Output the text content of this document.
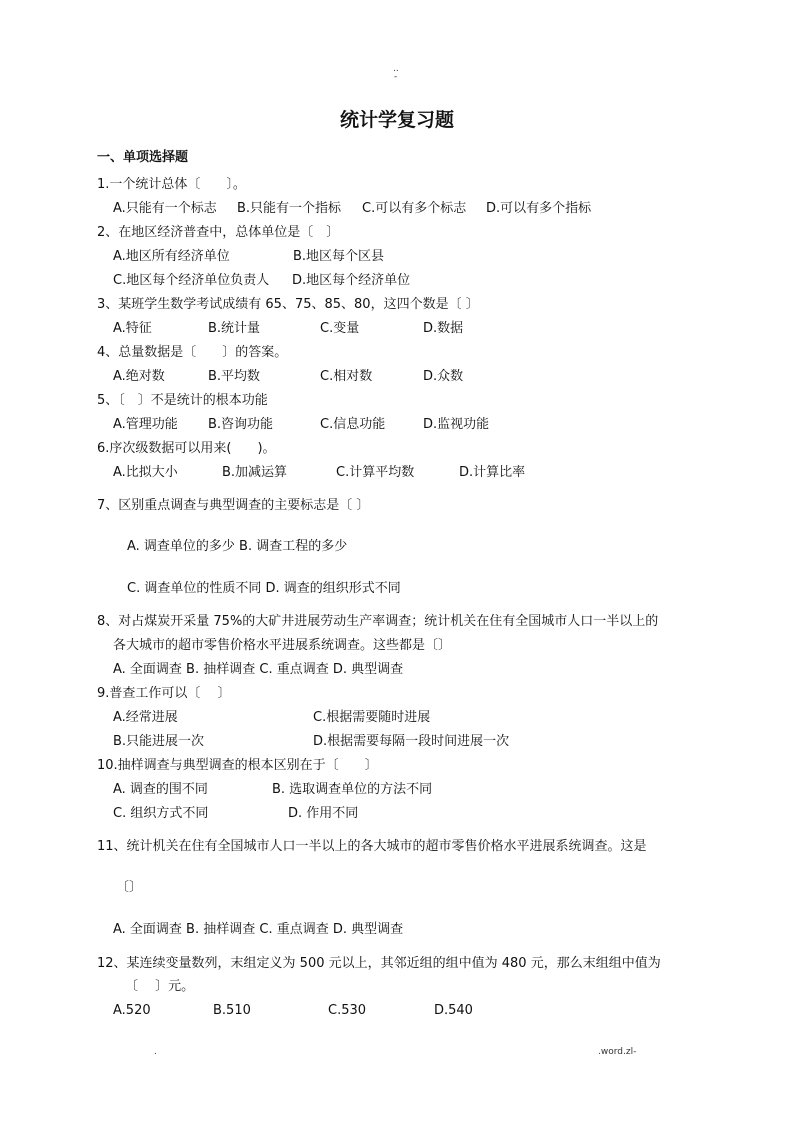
..
-
统计学复习题
一、单项选择题
1.一个统计总体〔　　〕。
A.只能有一个标志 B.只能有一个指标 C.可以有多个标志 D.可以有多个指标
2、在地区经济普查中，总体单位是〔　〕
A.地区所有经济单位	B.地区每个区县
C.地区每个经济单位负责人 D.地区每个经济单位
3、某班学生数学考试成绩有 65、75、85、80，这四个数是〔 〕
A.特征	B.统计量	C.变量	D.数据
4、总量数据是〔　　〕的答案。
A.绝对数	B.平均数	C.相对数	D.众数
5、〔　〕不是统计的根本功能
A.管理功能 B.咨询功能	C.信息功能	D.监视功能
6.序次级数据可以用来(　　)。
A.比拟大小	B.加减运算	C.计算平均数	D.计算比率
7、区别重点调查与典型调查的主要标志是〔 〕
A. 调查单位的多少 B. 调查工程的多少
C. 调查单位的性质不同 D. 调查的组织形式不同
8、对占煤炭开采量 75%的大矿井进展劳动生产率调查；统计机关在住有全国城市人口一半以上的
各大城市的超市零售价格水平进展系统调查。这些都是〔〕
A. 全面调查 B. 抽样调查 C. 重点调查 D. 典型调查
9.普查工作可以〔　 〕
A.经常进展	C.根据需要随时进展
B.只能进展一次	D.根据需要每隔一段时间进展一次
10.抽样调查与典型调查的根本区别在于〔　　〕
A. 调查的围不同	B. 选取调查单位的方法不同
C. 组织方式不同	D. 作用不同
11、统计机关在住有全国城市人口一半以上的各大城市的超市零售价格水平进展系统调查。这是
〔〕
A. 全面调查 B. 抽样调查 C. 重点调查 D. 典型调查
12、某连续变量数列，末组定义为 500 元以上，其邻近组的组中值为 480 元，那么末组组中值为
〔　 〕元。
A.520	B.510	C.530	D.540
.	.word.zl-
